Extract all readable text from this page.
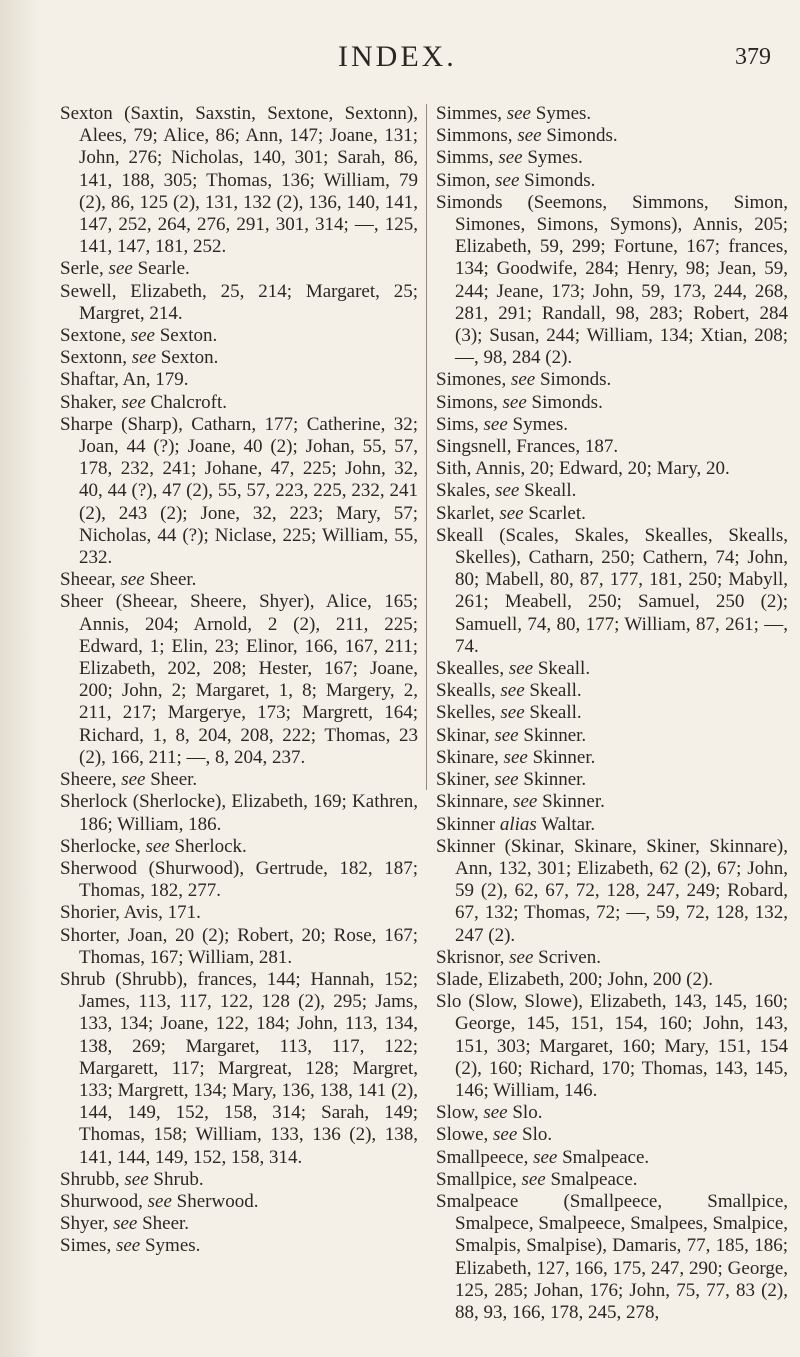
INDEX.	379

Sexton (Saxtin, Saxstin, Sextone, Sextonn), Alees, 79; Alice, 86; Ann, 147; Joane, 131; John, 276; Nicholas, 140, 301; Sarah, 86, 141, 188, 305; Thomas, 136; William, 79 (2), 86, 125 (2), 131, 132 (2), 136, 140, 141, 147, 252, 264, 276, 291, 301, 314; —, 125, 141, 147, 181, 252.

Serle, see Searle.

Sewell, Elizabeth, 25, 214; Margaret, 25; Margret, 214.

Sextone, see Sexton.

Sextonn, see Sexton.

Shaftar, An, 179.

Shaker, see Chalcroft.

Sharpe (Sharp), Catharn, 177; Catherine, 32; Joan, 44 (?); Joane, 40 (2); Johan, 55, 57, 178, 232, 241; Johane, 47, 225; John, 32, 40, 44 (?), 47 (2), 55, 57, 223, 225, 232, 241 (2), 243 (2); Jone, 32, 223; Mary, 57; Nicholas, 44 (?); Niclase, 225; William, 55, 232.

Sheear, see Sheer.

Sheer (Sheear, Sheere, Shyer), Alice, 165; Annis, 204; Arnold, 2 (2), 211, 225; Edward, 1; Elin, 23; Elinor, 166, 167, 211; Elizabeth, 202, 208; Hester, 167; Joane, 200; John, 2; Margaret, 1, 8; Margery, 2, 211, 217; Margerye, 173; Margrett, 164; Richard, 1, 8, 204, 208, 222; Thomas, 23 (2), 166, 211; —, 8, 204, 237.

Sheere, see Sheer.

Sherlock (Sherlocke), Elizabeth, 169; Kathren, 186; William, 186.

Sherlocke, see Sherlock.

Sherwood (Shurwood), Gertrude, 182, 187; Thomas, 182, 277.

Shorier, Avis, 171.

Shorter, Joan, 20 (2); Robert, 20; Rose, 167; Thomas, 167; William, 281.

Shrub (Shrubb), frances, 144; Hannah, 152; James, 113, 117, 122, 128 (2), 295; Jams, 133, 134; Joane, 122, 184; John, 113, 134, 138, 269; Margaret, 113, 117, 122; Margarett, 117; Margreat, 128; Margret, 133; Margrett, 134; Mary, 136, 138, 141 (2), 144, 149, 152, 158, 314; Sarah, 149; Thomas, 158; William, 133, 136 (2), 138, 141, 144, 149, 152, 158, 314.

Shrubb, see Shrub.

Shurwood, see Sherwood.

Shyer, see Sheer.

Simes, see Symes.

Simmes, see Symes.

Simmons, see Simonds.

Simms, see Symes.

Simon, see Simonds.

Simonds (Seemons, Simmons, Simon, Simones, Simons, Symons), Annis, 205; Elizabeth, 59, 299; Fortune, 167; frances, 134; Goodwife, 284; Henry, 98; Jean, 59, 244; Jeane, 173; John, 59, 173, 244, 268, 281, 291; Randall, 98, 283; Robert, 284 (3); Susan, 244; William, 134; Xtian, 208; —, 98, 284 (2).

Simones, see Simonds.

Simons, see Simonds.

Sims, see Symes.

Singsnell, Frances, 187.

Sith, Annis, 20; Edward, 20; Mary, 20.

Skales, see Skeall.

Skarlet, see Scarlet.

Skeall (Scales, Skales, Skealles, Skealls, Skelles), Catharn, 250; Cathern, 74; John, 80; Mabell, 80, 87, 177, 181, 250; Mabyll, 261; Meabell, 250; Samuel, 250 (2); Samuell, 74, 80, 177; William, 87, 261; —, 74.

Skealles, see Skeall.

Skealls, see Skeall.

Skelles, see Skeall.

Skinar, see Skinner.

Skinare, see Skinner.

Skiner, see Skinner.

Skinnare, see Skinner.

Skinner alias Waltar.

Skinner (Skinar, Skinare, Skiner, Skinnare), Ann, 132, 301; Elizabeth, 62 (2), 67; John, 59 (2), 62, 67, 72, 128, 247, 249; Robard, 67, 132; Thomas, 72; —, 59, 72, 128, 132, 247 (2).

Skrisnor, see Scriven.

Slade, Elizabeth, 200; John, 200 (2).

Slo (Slow, Slowe), Elizabeth, 143, 145, 160; George, 145, 151, 154, 160; John, 143, 151, 303; Margaret, 160; Mary, 151, 154 (2), 160; Richard, 170; Thomas, 143, 145, 146; William, 146.

Slow, see Slo.

Slowe, see Slo.

Smallpeece, see Smalpeace.

Smallpice, see Smalpeace.

Smalpeace (Smallpeece, Smallpice, Smalpece, Smalpeece, Smalpees, Smalpice, Smalpis, Smalpise), Damaris, 77, 185, 186; Elizabeth, 127, 166, 175, 247, 290; George, 125, 285; Johan, 176; John, 75, 77, 83 (2), 88, 93, 166, 178, 245, 278,
